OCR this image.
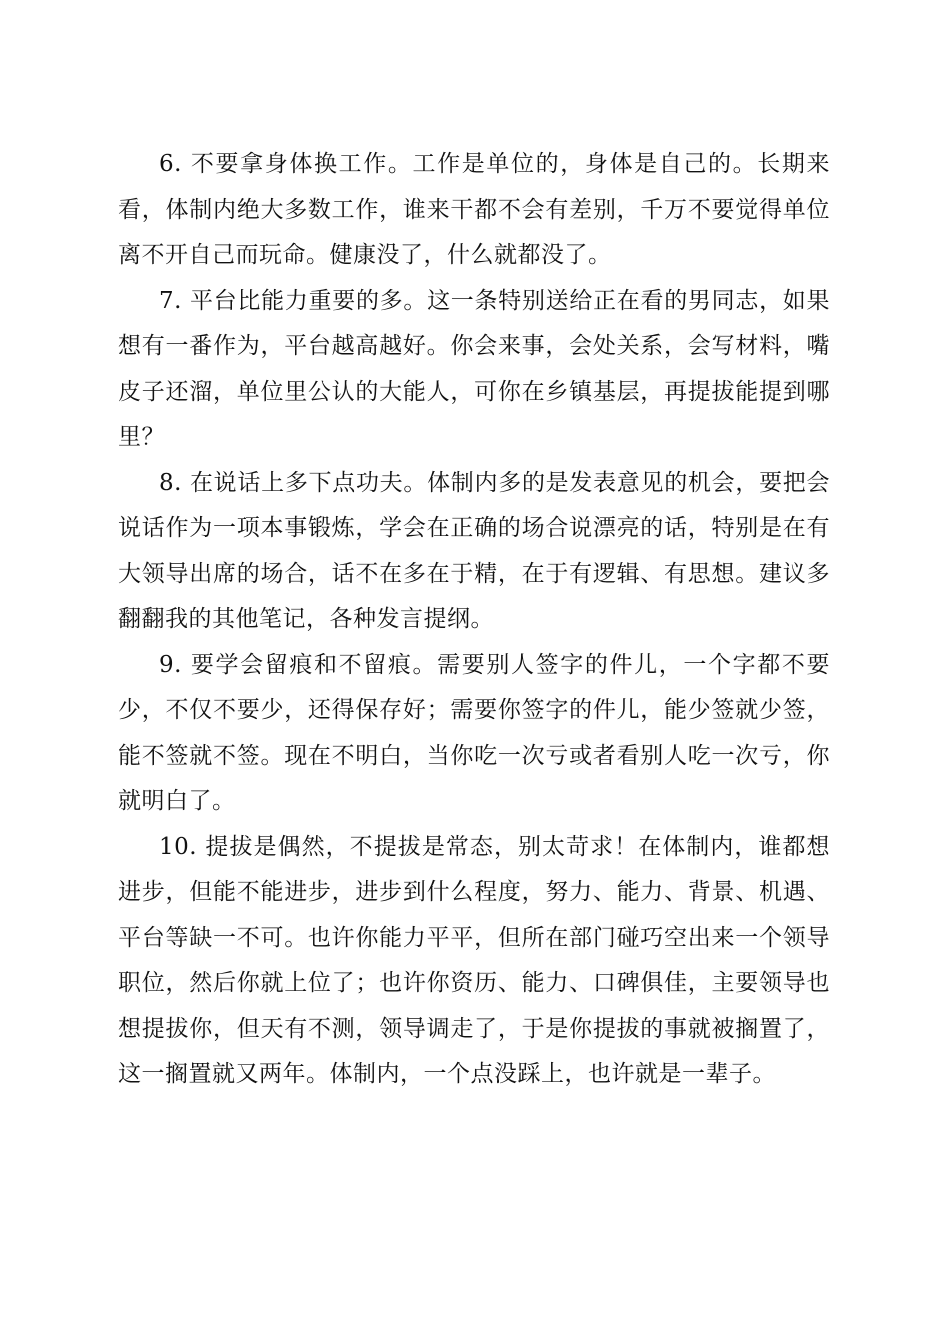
6. 不要拿身体换工作。工作是单位的，身体是自己的。长期来看，体制内绝大多数工作，谁来干都不会有差别，千万不要觉得单位离不开自己而玩命。健康没了，什么就都没了。

7. 平台比能力重要的多。这一条特别送给正在看的男同志，如果想有一番作为，平台越高越好。你会来事，会处关系，会写材料，嘴皮子还溜，单位里公认的大能人，可你在乡镇基层，再提拔能提到哪里？

8. 在说话上多下点功夫。体制内多的是发表意见的机会，要把会说话作为一项本事锻炼，学会在正确的场合说漂亮的话，特别是在有大领导出席的场合，话不在多在于精，在于有逻辑、有思想。建议多翻翻我的其他笔记，各种发言提纲。

9. 要学会留痕和不留痕。需要别人签字的件儿，一个字都不要少，不仅不要少，还得保存好；需要你签字的件儿，能少签就少签，能不签就不签。现在不明白，当你吃一次亏或者看别人吃一次亏，你就明白了。

10. 提拔是偶然，不提拔是常态，别太苛求！在体制内，谁都想进步，但能不能进步，进步到什么程度，努力、能力、背景、机遇、平台等缺一不可。也许你能力平平，但所在部门碰巧空出来一个领导职位，然后你就上位了；也许你资历、能力、口碑俱佳，主要领导也想提拔你，但天有不测，领导调走了，于是你提拔的事就被搁置了，这一搁置就又两年。体制内，一个点没踩上，也许就是一辈子。
